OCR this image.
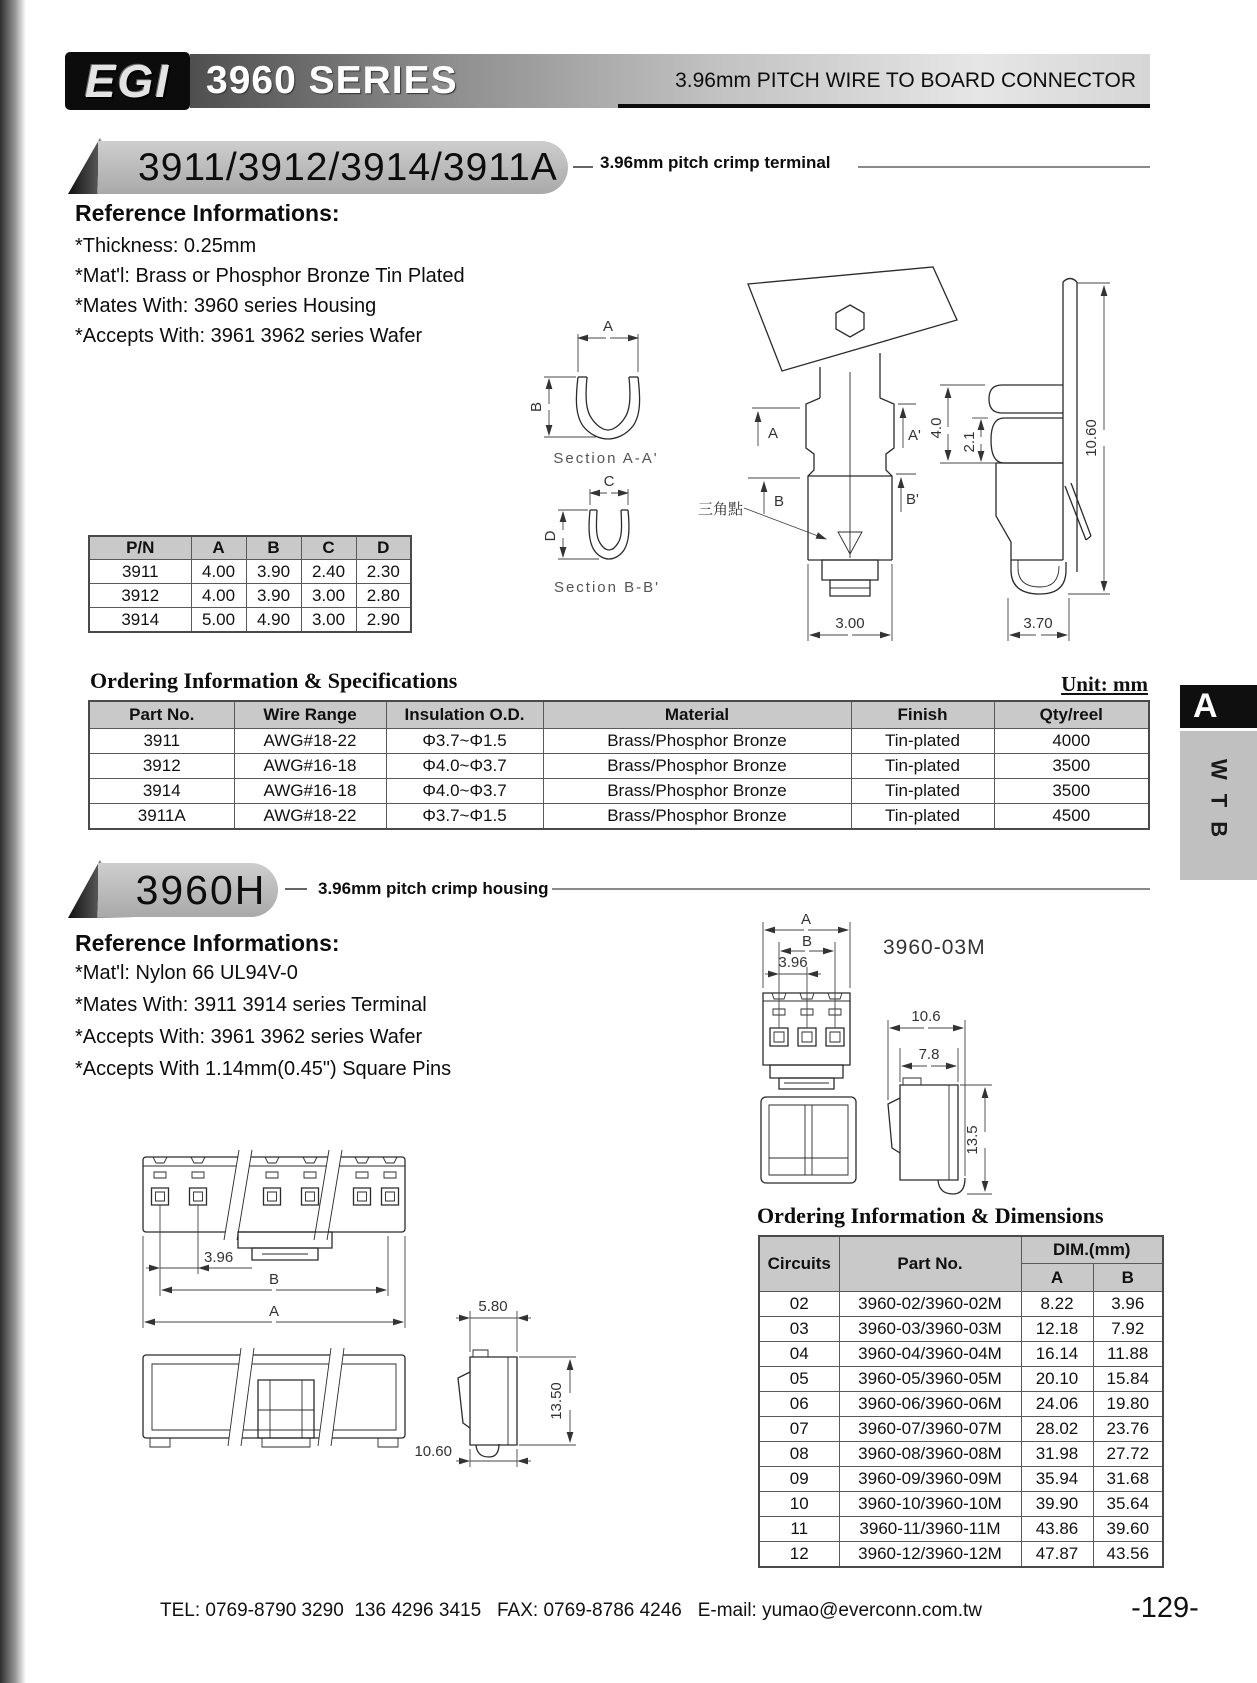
EGI 3960 SERIES	3.96mm PITCH WIRE TO BOARD CONNECTOR
3911/3912/3914/3911A 3.96mm pitch crimp terminal
Reference Informations:
*Thickness: 0.25mm
*Mat'l: Brass or Phosphor Bronze Tin Plated
*Mates With: 3960 series Housing
*Accepts With: 3961 3962 series Wafer
P/N	A	B	C	D
3911	4.00	3.90	2.40	2.30
3912	4.00	3.90	3.00	2.80
3914	5.00	4.90	3.00	2.90
A
B
Section A-A'
C
D
Section B-B'
A
B
A'
B'
三角點
3.00
4.0
2.1	10.60
3.70
Ordering Information & Specifications	Unit: mm
Part No.	Wire Range	Insulation O.D.	Material	Finish	Qty/reel
3911	AWG#18-22	Φ3.7~Φ1.5	Brass/Phosphor Bronze	Tin-plated	4000
3912	AWG#16-18	Φ4.0~Φ3.7	Brass/Phosphor Bronze	Tin-plated	3500
3914	AWG#16-18	Φ4.0~Φ3.7	Brass/Phosphor Bronze	Tin-plated	3500
3911A	AWG#18-22	Φ3.7~Φ1.5	Brass/Phosphor Bronze	Tin-plated	4500
A
WTB
3960H	3.96mm pitch crimp housing
Reference Informations:
*Mat'l: Nylon 66 UL94V-0
*Mates With: 3911 3914 series Terminal
*Accepts With: 3961 3962 series Wafer
*Accepts With 1.14mm(0.45") Square Pins
3960-03M
A
B
3.96
10.6
7.8
13.5
3.96
B
A	5.80
13.50
10.60
Ordering Information & Dimensions
Circuits	Part No.	DIM.(mm)	
		A	B
02	3960-02/3960-02M	8.22	3.96
03	3960-03/3960-03M	12.18	7.92
04	3960-04/3960-04M	16.14	11.88
05	3960-05/3960-05M	20.10	15.84
06	3960-06/3960-06M	24.06	19.80
07	3960-07/3960-07M	28.02	23.76
08	3960-08/3960-08M	31.98	27.72
09	3960-09/3960-09M	35.94	31.68
10	3960-10/3960-10M	39.90	35.64
11	3960-11/3960-11M	43.86	39.60
12	3960-12/3960-12M	47.87	43.56
TEL: 0769-8790 3290  136 4296 3415   FAX: 0769-8786 4246   E-mail: yumao@everconn.com.tw	-129-
